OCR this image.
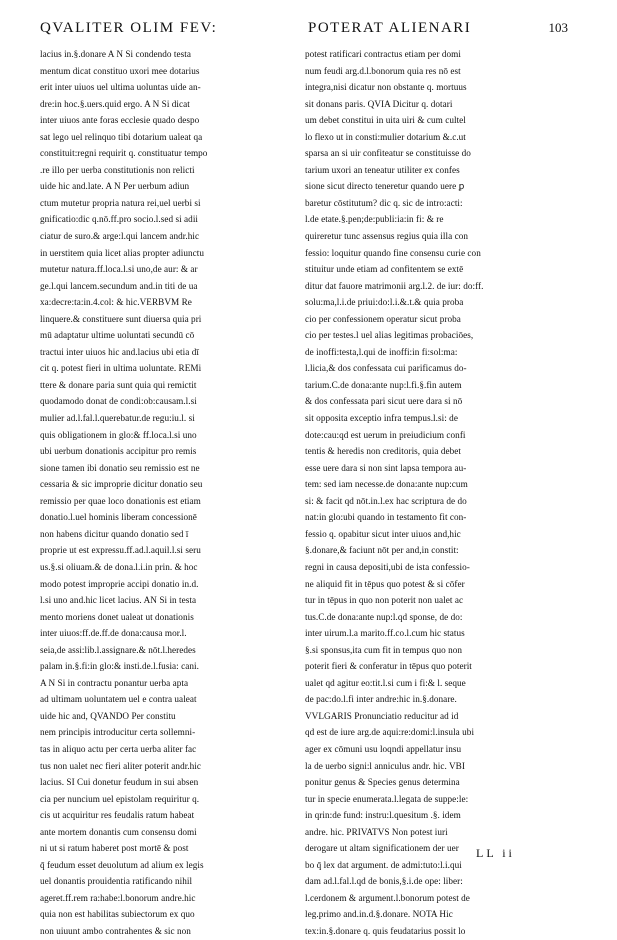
QVALITER OLIM FEV:	POTERAT ALIENARI	103
lacius in.§.donare A N Si condendo testa
mentum dicat constituo uxori mee dotarius
erit inter uiuos uel ultima uoluntas uide an-
dre:in hoc.§.uers.quid ergo. A N Si dicat
inter uiuos ante foras ecclesie quado despo
sat lego uel relinquo tibi dotarium ualeat qa
constituit:regni requirit q. constituatur tempo
.re illo per uerba constitutionis non relicti
uide hic and.late. A N Per uerbum adiun
ctum mutetur propria natura rei,uel uerbi si
gnificatio:dic q.nō.ff.pro socio.l.sed si adii
ciatur de suro.& arge:l.qui lancem andr.hic
in uerstitem quia licet alias propter adiunctu
mutetur natura.ff.loca.l.si uno,de aur: & ar
ge.l.qui lancem.secundum and.in titi de ua
xa:decre:ta:in.4.col: & hic.VERBVM Re
linquere.& constituere sunt diuersa quia pri
mū adaptatur ultime uoluntati secundū cō
tractui inter uiuos hic and.lacius ubi etia dī
cit q. potest fieri in ultima uoluntate. REMi
ttere & donare paria sunt quia qui remictit
quodamodo donat de condi:ob:causam.l.si
mulier ad.l.fal.l.querebatur.de regu:iu.l. si
quis obligationem in glo:& ff.loca.l.si uno
ubi uerbum donationis accipitur pro remis
sione tamen ibi donatio seu remissio est ne
cessaria & sic improprie dicitur donatio seu
remissio per quae loco donationis est etiam
donatio.l.uel hominis liberam concessionē
non habens dicitur quando donatio sed ī
proprie ut est expressu.ff.ad.l.aquil.l.si seru
us.§.si oliuam.& de dona.l.i.in prin. & hoc
modo potest improprie accipi donatio in.d.
l.si uno and.hic licet lacius. AN Si in testa
mento moriens donet ualeat ut donationis
inter uiuos:ff.de.ff.de dona:causa mor.l.
seia,de assi:lib.l.assignare.& nōt.l.heredes
palam in.§.fi:in glo:& insti.de.l.fusia: cani.
A N Si in contractu ponantur uerba apta
ad ultimam uoluntatem uel e contra ualeat
uide hic and, QVANDO Per constitu
nem principis introducitur certa sollemni-
tas in aliquo actu per certa uerba aliter fac
tus non ualet nec fieri aliter poterit andr.hic
lacius. SI Cui donetur feudum in sui absen
cia per nuncium uel epistolam requiritur q.
cis ut acquiritur res feudalis ratum habeat
ante mortem donantis cum consensu domi
ni ut si ratum haberet post mortē & post
q̄ feudum esset deuolutum ad alium ex legis
uel donantis prouidentia ratificando nihil
ageret.ff.rem ra:habe:l.bonorum andre.hic
quia non est habilitas subiectorum ex quo
non uiuunt ambo contrahentes & sic non
potest ratificari contractus etiam per domi
num feudi arg.d.l.bonorum quia res nō est
integra,nisi dicatur non obstante q. mortuus
sit donans paris. QVIA Dicitur q. dotari
um debet constitui in uita uiri & cum cultel
lo flexo ut in consti:mulier dotarium &.c.ut
sparsa an si uir confiteatur se constituisse do
tarium uxori an teneatur utiliter ex confes
sione sicut directo teneretur quando uere ꝑ
baretur cōstitutum? dic q. sic de intro:acti:
l.de etate.§.pen;de:publi:ia:in fi: & re
quireretur tunc assensus regius quia illa con
fessio: loquitur quando fine consensu curie con
stituitur unde etiam ad confitentem se extē
ditur dat fauore matrimonii arg.l.2. de iur: do:ff.
solu:ma,l.i.de priui:do:l.i.&.t.& quia proba
cio per confessionem operatur sicut proba
cio per testes.l uel alias legitimas probaciōes,
de inoffi:testa,l.qui de inoffi:in fi:sol:ma:
l.licia,& dos confessata cui parificamus do-
tarium.C.de dona:ante nup:l.fi.§.fin autem
& dos confessata pari sicut uere dara si nō
sit opposita exceptio infra tempus.l.si: de
dote:cau:qd est uerum in preiudicium confi
tentis & heredis non creditoris, quia debet
esse uere dara si non sint lapsa tempora au-
tem: sed iam necesse.de dona:ante nup:cum
si: & facit qd nōt.in.l.ex hac scriptura de do
nat:in glo:ubi quando in testamento fit con-
fessio q. opabitur sicut inter uiuos and,hic
§.donare,& faciunt nōt per and,in constit:
regni in causa depositi,ubi de ista confessio-
ne aliquid fit in tēpus quo potest & si cōfer
tur in tēpus in quo non poterit non ualet ac
tus.C.de dona:ante nup:l.qd sponse, de do:
inter uirum.l.a marito.ff.co.l.cum hic status
§.si sponsus,ita cum fit in tempus quo non
poterit fieri & conferatur in tēpus quo poterit
ualet qd agitur eo:tit.l.si cum i fi:& l. seque
de pac:do.l.fi inter andre:hic in.§.donare.
VVLGARIS Pronunciatio reducitur ad id
qd est de iure arg.de aqui:re:domi:l.insula ubi
ager ex cōmuni usu loqndi appellatur insu
la de uerbo signi:l anniculus andr. hic. VBI
ponitur genus & Species genus determina
tur in specie enumerata.l.legata de suppe:le:
in qrin:de fund: instru:l.quesitum .§. idem
andre. hic. PRIVATVS Non potest iuri
derogare ut altam significationem der uer
bo q̄ lex dat argument. de admi:tuto:l.i.qui
dam ad.l.fal.l.qd de bonis,§.i.de ope: liber:
l.cerdonem & argument.l.bonorum potest de
leg.primo and.in.d.§.donare. NOTA Hic
tex:in.§.donare q. quis feudatarius possit lo
LL ii
